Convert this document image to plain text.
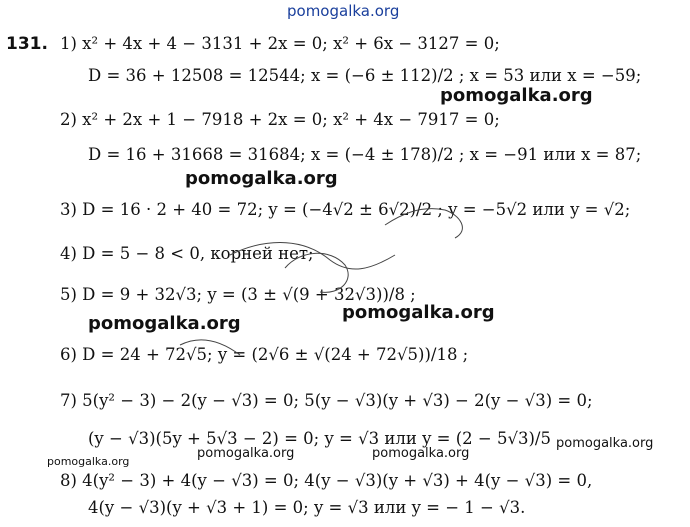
pomogalka.org
pomogalka.org
pomogalka.org
pomogalka.org
pomogalka.org
pomogalka.org
pomogalka.org
pomogalka.org	pomogalka.org
131. 1) x² + 4x + 4 − 3131 + 2x = 0; x² + 6x − 3127 = 0;
D = 36 + 12508 = 12544; x = (−6 ± 112)/2 ; x = 53 или x = −59;
2) x² + 2x + 1 − 7918 + 2x = 0; x² + 4x − 7917 = 0;
D = 16 + 31668 = 31684; x = (−4 ± 178)/2 ; x = −91 или x = 87;
3) D = 16 · 2 + 40 = 72; y = (−4√2 ± 6√2)/2 ; y = −5√2 или y = √2;
4) D = 5 − 8 < 0, корней нет;
5) D = 9 + 32√3; y = (3 ± √(9 + 32√3))/8 ;
6) D = 24 + 72√5; y = (2√6 ± √(24 + 72√5))/18 ;
7) 5(y² − 3) − 2(y − √3) = 0; 5(y − √3)(y + √3) − 2(y − √3) = 0;
(y − √3)(5y + 5√3 − 2) = 0; y = √3 или y = (2 − 5√3)/5
8) 4(y² − 3) + 4(y − √3) = 0; 4(y − √3)(y + √3) + 4(y − √3) = 0,
4(y − √3)(y + √3 + 1) = 0; y = √3 или y = − 1 − √3.
